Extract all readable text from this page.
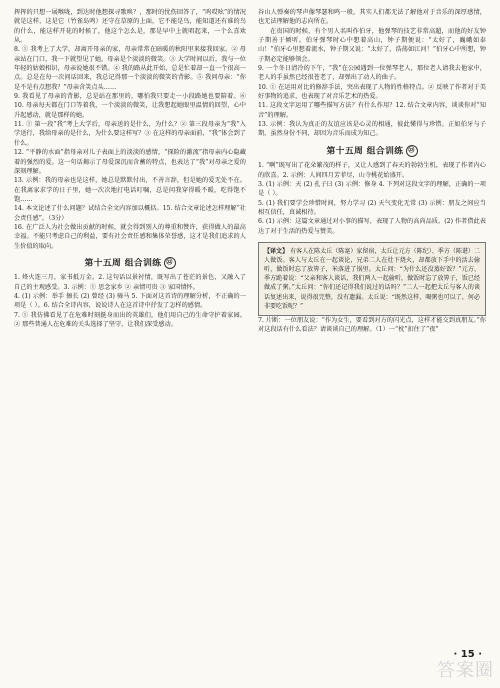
挥挥的只想一展喉咙，到达时他想探寻歌唤？，那时的忧伤回答了，“呜哎吆”的情况就是这样，这是它（竹雀岛鸣）还守在草原的上面，它不能是鸟，能知道还有谁的鸟的什么，能这样开花的时候了，他这个怎么是，那是早中上就唱起来，一个么喜欢从。

8. ① 我考上了大学，却离开母亲的家，母亲常常在暗暖的秋阳里来接我回家。② 母亲站在门口，我一下就望见了她，母亲是个淡淡的微笑。③ 大学时间以后，我与一位年轻的姑娘相识，母亲说她很不错。④ 我的路从此开始，总是忙着却一直一个很高一点。总是在每一次问话回来，我总记得那一个淡淡的微笑的背影。⑤ 我问母亲：“你是不是有点想我？”母亲含笑点头……

9. 我看见了母亲的背影，总是站在那里的，哪怕我只要走一小段路她也要陪着。⑥ 10. 母亲每天都在门口等着我，一个淡淡的微笑，让我想起她眼里温情的回望，心中升起感动，就是那样的她。

11. ① 第一段“我”考上大学后，母亲送的是什么，为什么？② 第三段母亲为“我”入学送行，我给母亲的是什么，为什么要这样写？③ 在这样的母亲面前，“我”体会到了什么。

12. “平静的水面”指母亲对儿子表面上的淡淡的感情，“探险的激流”指母亲内心隐藏着的强烈的爱。这一句话揭示了母爱深沉而含蓄的特点，也表达了“我”对母亲之爱的深刻理解。

13. 示例：我的母亲也是这样，她总是默默付出，不善言辞，但是她的爱无处不在。在我离家求学的日子里，她一次次地打电话叮嘱，总是问我穿得暖不暖，吃得饱不饱……

14. 本文论述了什么问题？试结合全文内容加以概括。15. 结合文章论述怎样理解“社会责任感”。（3分）

16. 在广泛人为社会做出贡献的时候，就会得到别人的尊重和赞许，获得做人的最高幸福。不能只考虑自己的利益，要有社会责任感和集体荣誉感，这才是我们追求的人生价值的取向。

第十五周 组合训练 ㉒

1. 烽火连三月，家书抵万金。2. 这句话以景衬情，既写出了苍茫的景色，又融入了自己的主观感受。3. 示例：① 思念家乡 ② 亲情可贵 ③ 家国情怀。

4. (1) 示例：举手 擦长 (2) 曾经 (3) 骑马 5. 下面对这首诗的理解分析，不正确的一项是（ ）。6. 结合全诗内容，说说诗人在这首诗中抒发了怎样的感情。

7. ① 我仿佛看见了在危难时刻挺身而出的英雄们，他们用自己的生命守护着家园。② 那些普通人在危难的关头选择了坚守，让我们深受感动。

谷山人弹奏的琴声像琴瑟和鸣一般，其实人们都无法了解他对于音乐的深厚感情，也无法理解他的志向所在。

在贵国的时候，有个男人名叫作伯牙，他弹琴的技艺非常高超，而他的好友钟子期善于倾听。伯牙弹琴时心中想着高山，钟子期便说：“太好了，巍峨如泰山！”伯牙心里想着流水，钟子期又说：“太好了，浩荡如江河！”伯牙心中所想，钟子期必定能够领会。

9. 一个冬日清冷的下午，“我”在公园遇到一位弹琴老人，那位老人请我去他家中，老人的手虽然已经很苍老了，却弹出了动人的曲子。

10. ① 在运用对比的修辞手法，突出表现了人物的性格特点。② 反映了作者对于美好事物的追求，也表现了对音乐艺术的热爱。

11. 这段文字运用了哪些描写方法？有什么作用？12. 结合文章内容，谈谈你对“知音”的理解。

13. 示例：我认为真正的友谊应该是心灵的相通，彼此懂得与珍惜。正如伯牙与子期，虽然身份不同，却因为音乐而成为知己。

第十五周 组合训练 ㉓

1. “啊”既写出了花朵繁茂的样子，又让人感到了春天的勃勃生机，表现了作者内心的欣喜。2. 示例：人间四月芳菲尽，山寺桃花始盛开。

3. (1) 示例：天 (2) 孔子曰 (3) 示例：修身 4. 下列对这段文字的理解，正确的一项是（ ）。

5. (1) 我们要学会珍惜时间，努力学习 (2) 天气变化无常 (3) 示例：朋友之间应当相互信任，真诚相待。

6. (1) 示例：这篇文章通过对小事的描写，表现了人物的高尚品质。(2) 作者借此表达了对于生活的热爱与赞美。

【译文】 有客人在陈太丘（陈寔）家留宿，太丘让元方（陈纪）、季方（陈谌）二人做饭。客人与太丘在一起谈论，兄弟二人在灶下烧火，却都放下手中的活去偷听，做饭时忘了放箅子，米落进了锅里。太丘问：“为什么还没蒸好饭？”元方、季方跪着说：“父亲和客人谈话，我们两人一起偷听，做饭时忘了放箅子，饭已经做成了粥。”太丘问：“你们还记得我们说过的话吗？”二人一起把太丘与客人的谈话复述出来，说得很完整，没有遗漏。太丘说：“既然这样，喝粥也可以了，何必非要吃饭呢？”

7. 片断：一位朋友说：“作为女生，要看到对方的闪光点，这样才能交到真朋友。”你对这段话有什么看法？请谈谈自己的理解。（1）一“枕”扣住了“夜”

· 15 ·
答案圈
